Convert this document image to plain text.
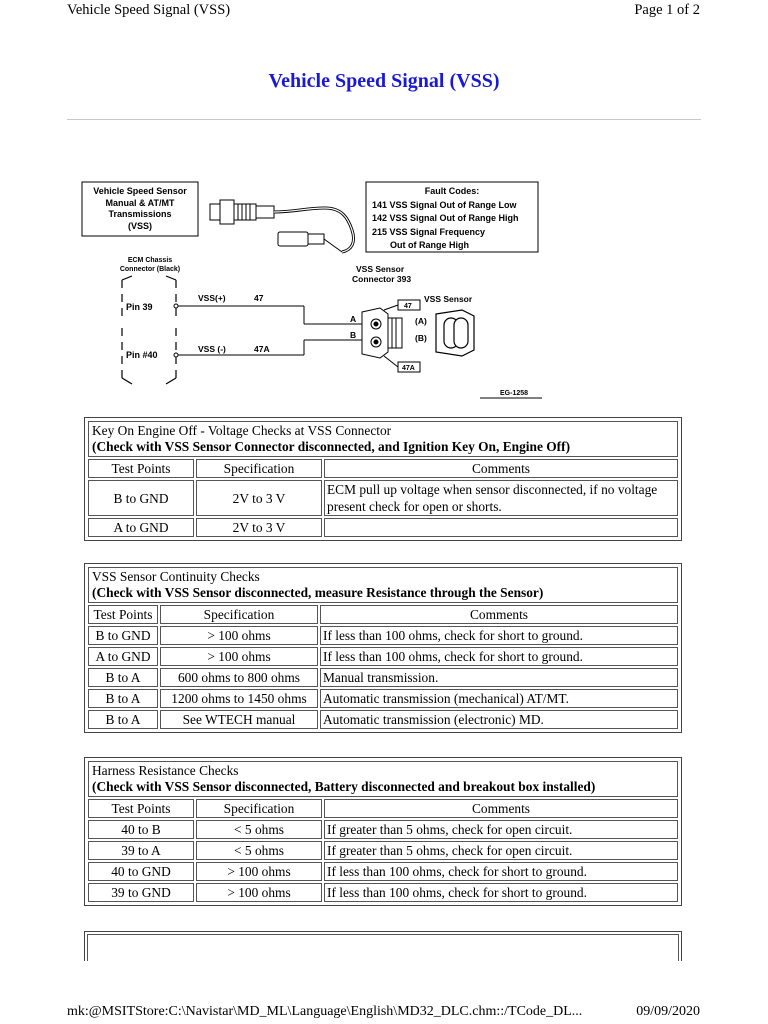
Vehicle Speed Signal (VSS)	Page 1 of 2
Vehicle Speed Signal (VSS)
Vehicle Speed Sensor
Manual & AT/MT
Transmissions
(VSS)
Fault Codes:
141 VSS Signal Out of Range Low
142 VSS Signal Out of Range High
215 VSS Signal Frequency
Out of Range High
ECM Chassis
Connector (Black)
Pin 39
Pin #40
VSS(+)	47
VSS (-)	47A
VSS Sensor
Connector 393
A
B
47
47A
VSS Sensor
(A)
(B)
EG-1258
Key On Engine Off - Voltage Checks at VSS Connector
(Check with VSS Sensor Connector disconnected, and Ignition Key On, Engine Off)		

Test Points	Specification	Comments
B to GND	2V to 3 V	ECM pull up voltage when sensor disconnected, if no voltage present check for open or shorts.
A to GND	2V to 3 V	
VSS Sensor Continuity Checks
(Check with VSS Sensor disconnected, measure Resistance through the Sensor)		

Test Points	Specification	Comments
B to GND	> 100 ohms	If less than 100 ohms, check for short to ground.
A to GND	> 100 ohms	If less than 100 ohms, check for short to ground.
B to A	600 ohms to 800 ohms	Manual transmission.
B to A	1200 ohms to 1450 ohms	Automatic transmission (mechanical) AT/MT.
B to A	See WTECH manual	Automatic transmission (electronic) MD.
Harness Resistance Checks
(Check with VSS Sensor disconnected, Battery disconnected and breakout box installed)		

Test Points	Specification	Comments
40 to B	< 5 ohms	If greater than 5 ohms, check for open circuit.
39 to A	< 5 ohms	If greater than 5 ohms, check for open circuit.
40 to GND	> 100 ohms	If less than 100 ohms, check for short to ground.
39 to GND	> 100 ohms	If less than 100 ohms, check for short to ground.
mk:@MSITStore:C:\Navistar\MD_ML\Language\English\MD32_DLC.chm::/TCode_DL...	09/09/2020
